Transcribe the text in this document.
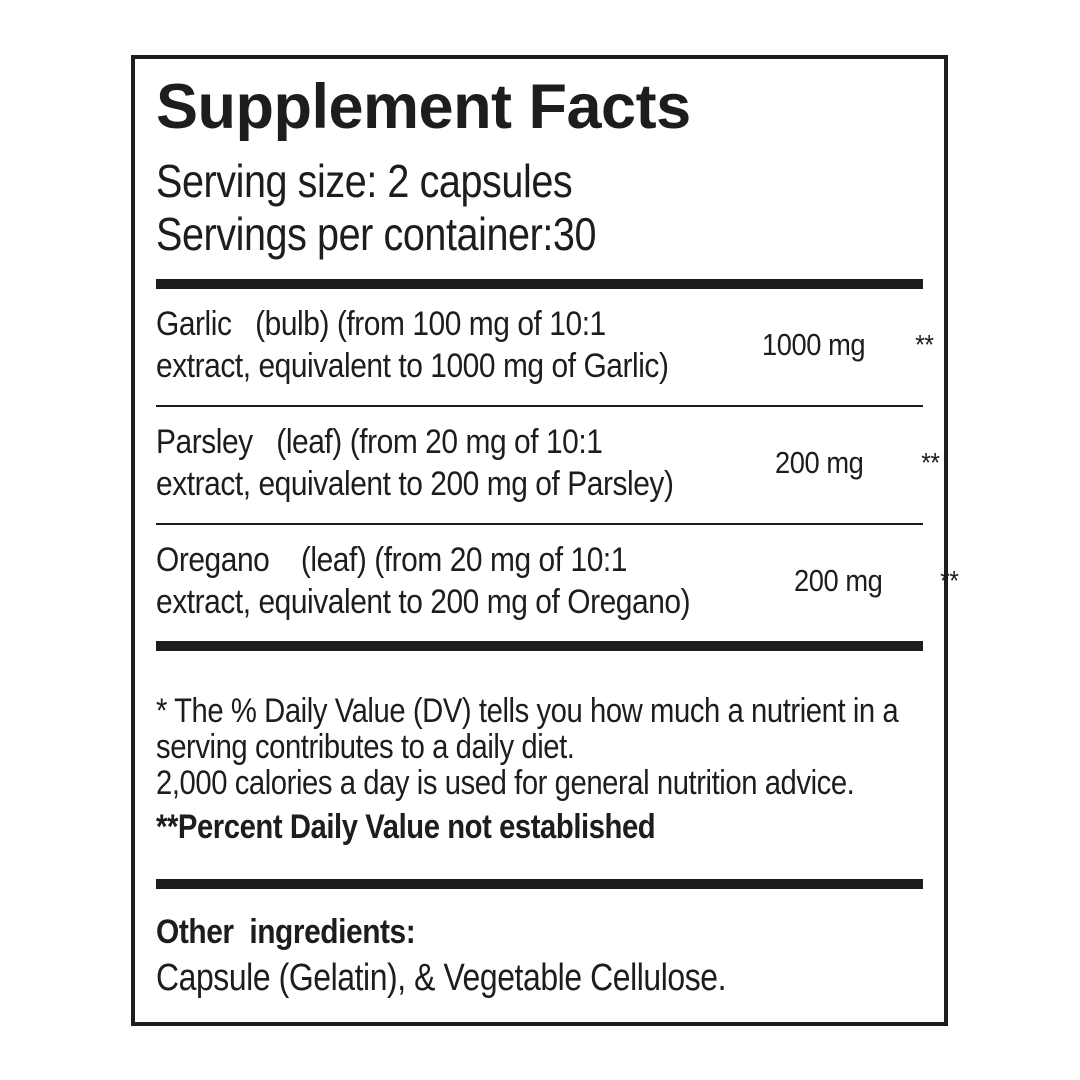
Supplement Facts
Serving size: 2 capsules
Servings per container:30
Garlic   (bulb) (from 100 mg of 10:1
extract, equivalent to 1000 mg of Garlic)
1000 mg	**
Parsley   (leaf) (from 20 mg of 10:1
extract, equivalent to 200 mg of Parsley)
200 mg	**
Oregano    (leaf) (from 20 mg of 10:1
extract, equivalent to 200 mg of Oregano)
200 mg	**
* The % Daily Value (DV) tells you how much a nutrient in a
serving contributes to a daily diet.
2,000 calories a day is used for general nutrition advice.
**Percent Daily Value not established
Other  ingredients:
Capsule (Gelatin), & Vegetable Cellulose.
